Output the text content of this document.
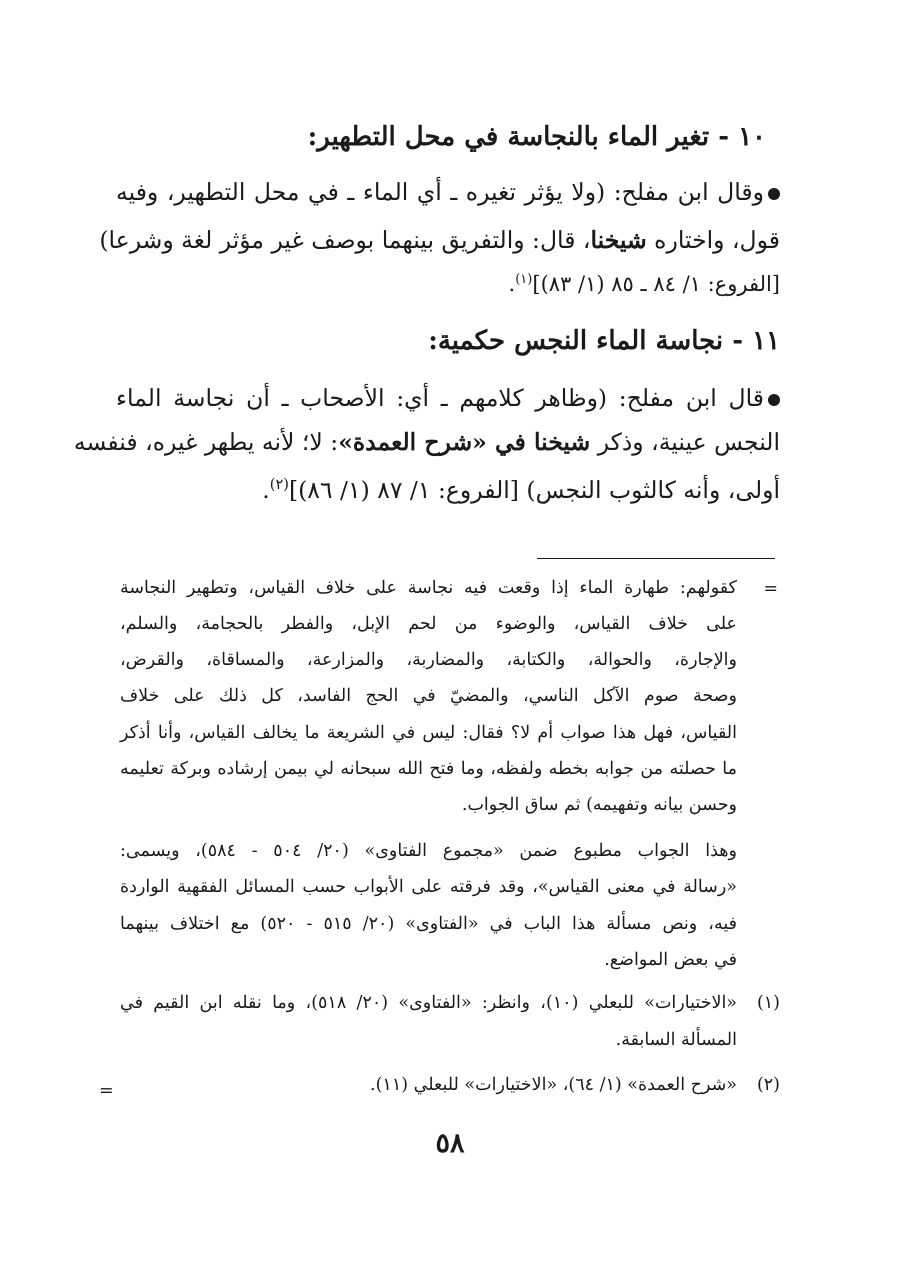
١٠ - تغير الماء بالنجاسة في محل التطهير:
وقال ابن مفلح: (ولا يؤثر تغيره ـ أي الماء ـ في محل التطهير، وفيه
قول، واختاره شيخنا، قال: والتفريق بينهما بوصف غير مؤثر لغة وشرعا)
[الفروع: ١/ ٨٤ ـ ٨٥ (١/ ٨٣)]$^{(١)}$.
١١ - نجاسة الماء النجس حكمية:
قال ابن مفلح: (وظاهر كلامهم ـ أي: الأصحاب ـ أن نجاسة الماء
النجس عينية، وذكر شيخنا في «شرح العمدة»: لا؛ لأنه يطهر غيره، فنفسه
أولى، وأنه كالثوب النجس) [الفروع: ١/ ٨٧ (١/ ٨٦)]$^{(٢)}$.
=
كقولهم: طهارة الماء إذا وقعت فيه نجاسة على خلاف القياس، وتطهير النجاسة
على خلاف القياس، والوضوء من لحم الإبل، والفطر بالحجامة، والسلم،
والإجارة، والحوالة، والكتابة، والمضاربة، والمزارعة، والمساقاة، والقرض،
وصحة صوم الآكل الناسي، والمضيّ في الحج الفاسد، كل ذلك على خلاف
القياس، فهل هذا صواب أم لا؟ فقال: ليس في الشريعة ما يخالف القياس، وأنا أذكر
ما حصلته من جوابه بخطه ولفظه، وما فتح الله سبحانه لي بيمن إرشاده وبركة تعليمه
وحسن بيانه وتفهيمه) ثم ساق الجواب.
وهذا الجواب مطبوع ضمن «مجموع الفتاوى» (٢٠/ ٥٠٤ - ٥٨٤)، ويسمى:
«رسالة في معنى القياس»، وقد فرقته على الأبواب حسب المسائل الفقهية الواردة
فيه، ونص مسألة هذا الباب في «الفتاوى» (٢٠/ ٥١٥ - ٥٢٠) مع اختلاف بينهما
في بعض المواضع.
(١)
«الاختيارات» للبعلي (١٠)، وانظر: «الفتاوى» (٢٠/ ٥١٨)، وما نقله ابن القيم في
المسألة السابقة.
(٢)
«شرح العمدة» (١/ ٦٤)، «الاختيارات» للبعلي (١١).
=
٥٨
